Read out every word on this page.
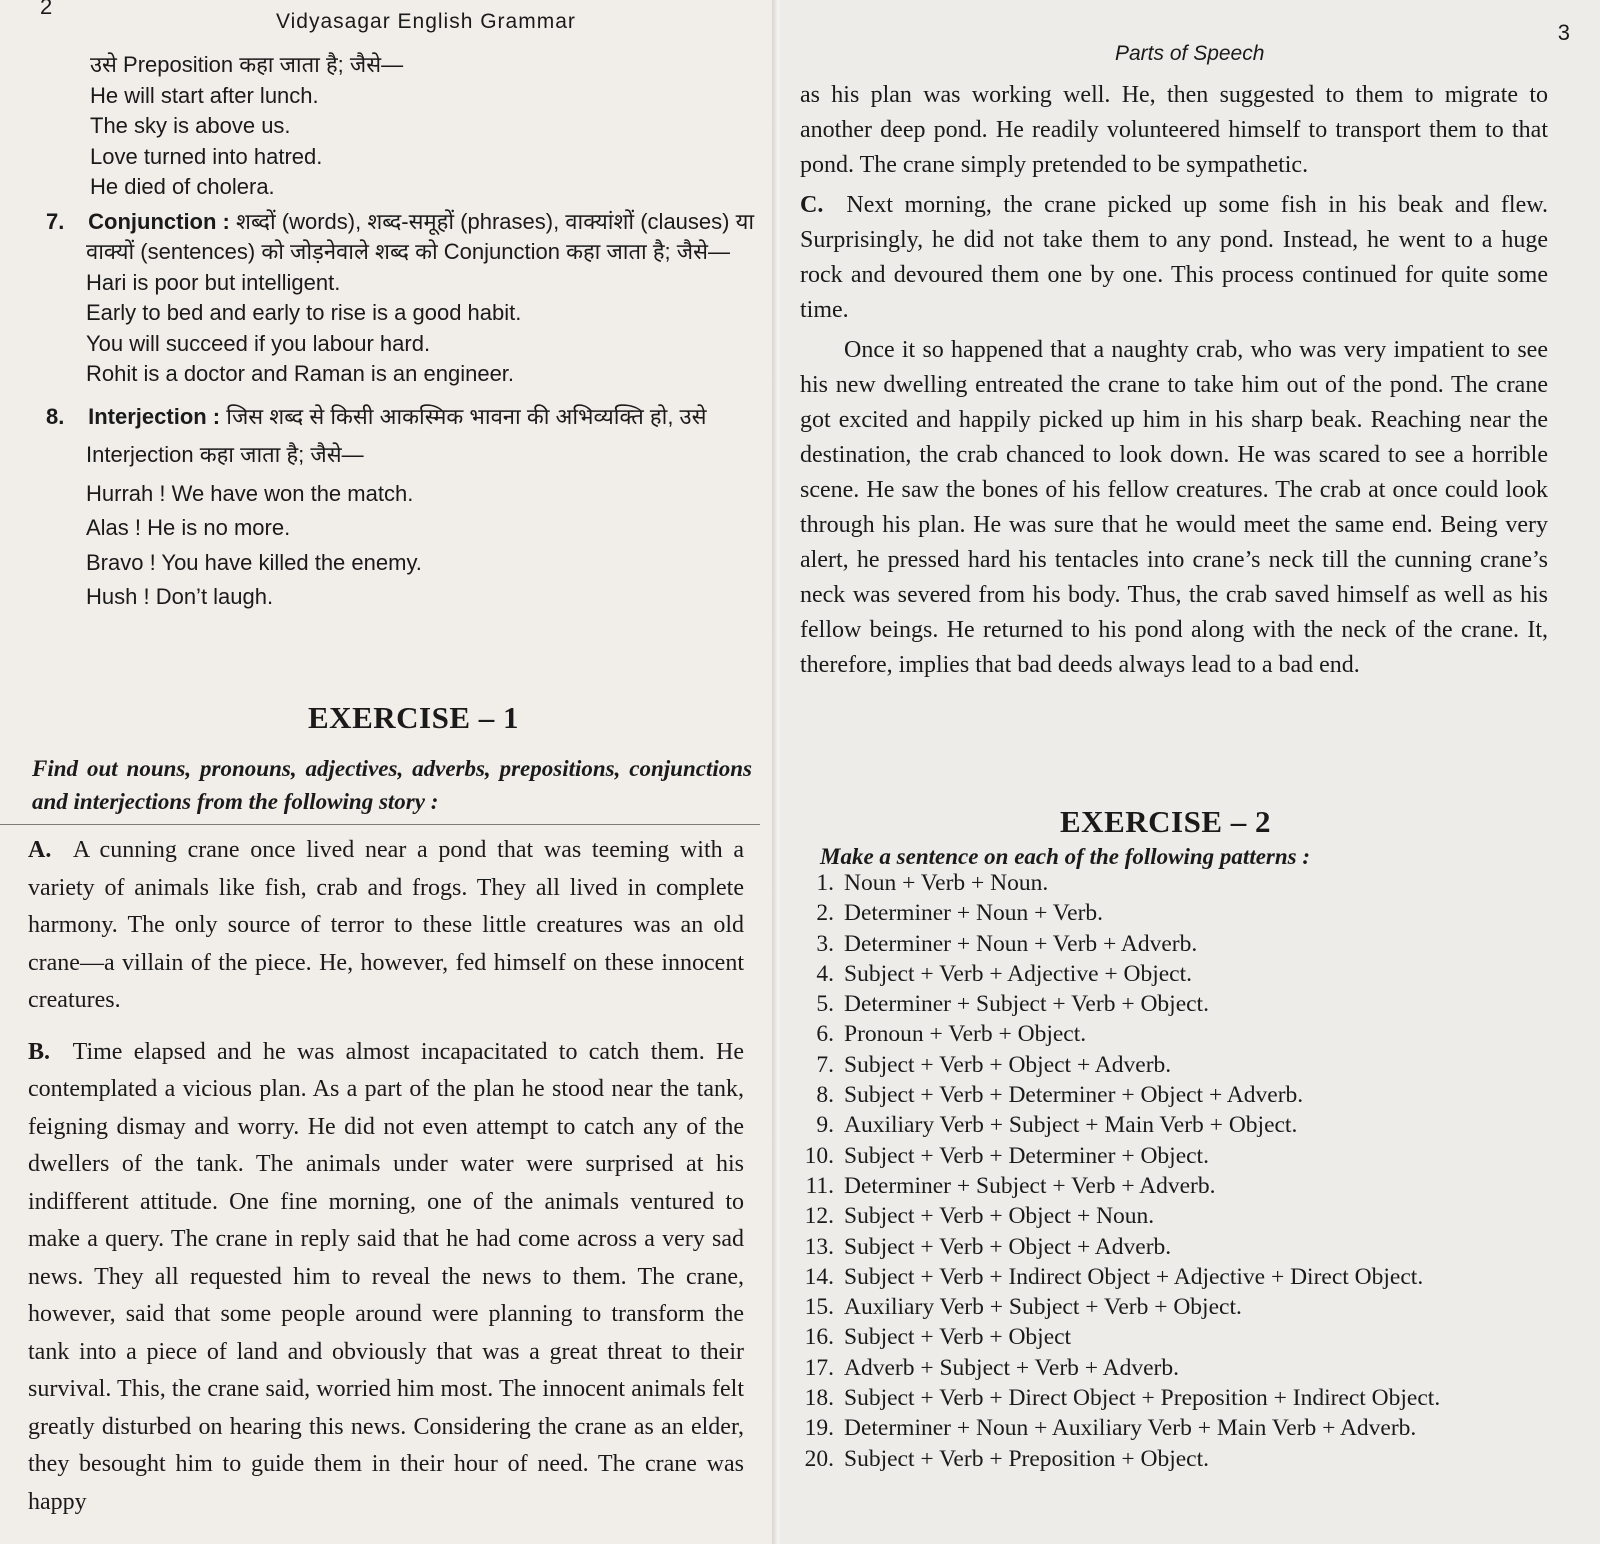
2
Vidyasagar English Grammar
उसे Preposition कहा जाता है; जैसे—
He will start after lunch.
The sky is above us.
Love turned into hatred.
He died of cholera.
7. Conjunction : शब्दों (words), शब्द-समूहों (phrases), वाक्यांशों (clauses) या
वाक्यों (sentences) को जोड़नेवाले शब्द को Conjunction कहा जाता है; जैसे—
Hari is poor but intelligent.
Early to bed and early to rise is a good habit.
You will succeed if you labour hard.
Rohit is a doctor and Raman is an engineer.
8. Interjection : जिस शब्द से किसी आकस्मिक भावना की अभिव्यक्ति हो, उसे
Interjection कहा जाता है; जैसे—
Hurrah ! We have won the match.
Alas ! He is no more.
Bravo ! You have killed the enemy.
Hush ! Don’t laugh.
EXERCISE – 1
Find out nouns, pronouns, adjectives, adverbs, prepositions, conjunctions and interjections from the following story :

A. A cunning crane once lived near a pond that was teeming with a variety of animals like fish, crab and frogs. They all lived in complete harmony. The only source of terror to these little creatures was an old crane—a villain of the piece. He, however, fed himself on these innocent creatures.

B. Time elapsed and he was almost incapacitated to catch them. He contemplated a vicious plan. As a part of the plan he stood near the tank, feigning dismay and worry. He did not even attempt to catch any of the dwellers of the tank. The animals under water were surprised at his indifferent attitude. One fine morning, one of the animals ventured to make a query. The crane in reply said that he had come across a very sad news. They all requested him to reveal the news to them. The crane, however, said that some people around were planning to transform the tank into a piece of land and obviously that was a great threat to their survival. This, the crane said, worried him most. The innocent animals felt greatly disturbed on hearing this news. Considering the crane as an elder, they besought him to guide them in their hour of need. The crane was happy

3
Parts of Speech

as his plan was working well. He, then suggested to them to migrate to another deep pond. He readily volunteered himself to transport them to that pond. The crane simply pretended to be sympathetic.

C. Next morning, the crane picked up some fish in his beak and flew. Surprisingly, he did not take them to any pond. Instead, he went to a huge rock and devoured them one by one. This process continued for quite some time.

Once it so happened that a naughty crab, who was very impatient to see his new dwelling entreated the crane to take him out of the pond. The crane got excited and happily picked up him in his sharp beak. Reaching near the destination, the crab chanced to look down. He was scared to see a horrible scene. He saw the bones of his fellow creatures. The crab at once could look through his plan. He was sure that he would meet the same end. Being very alert, he pressed hard his tentacles into crane’s neck till the cunning crane’s neck was severed from his body. Thus, the crab saved himself as well as his fellow beings. He returned to his pond along with the neck of the crane. It, therefore, implies that bad deeds always lead to a bad end.

EXERCISE – 2
Make a sentence on each of the following patterns :
1. Noun + Verb + Noun.
2. Determiner + Noun + Verb.
3. Determiner + Noun + Verb + Adverb.
4. Subject + Verb + Adjective + Object.
5. Determiner + Subject + Verb + Object.
6. Pronoun + Verb + Object.
7. Subject + Verb + Object + Adverb.
8. Subject + Verb + Determiner + Object + Adverb.
9. Auxiliary Verb + Subject + Main Verb + Object.
10. Subject + Verb + Determiner + Object.
11. Determiner + Subject + Verb + Adverb.
12. Subject + Verb + Object + Noun.
13. Subject + Verb + Object + Adverb.
14. Subject + Verb + Indirect Object + Adjective + Direct Object.
15. Auxiliary Verb + Subject + Verb + Object.
16. Subject + Verb + Object
17. Adverb + Subject + Verb + Adverb.
18. Subject + Verb + Direct Object + Preposition + Indirect Object.
19. Determiner + Noun + Auxiliary Verb + Main Verb + Adverb.
20. Subject + Verb + Preposition + Object.
